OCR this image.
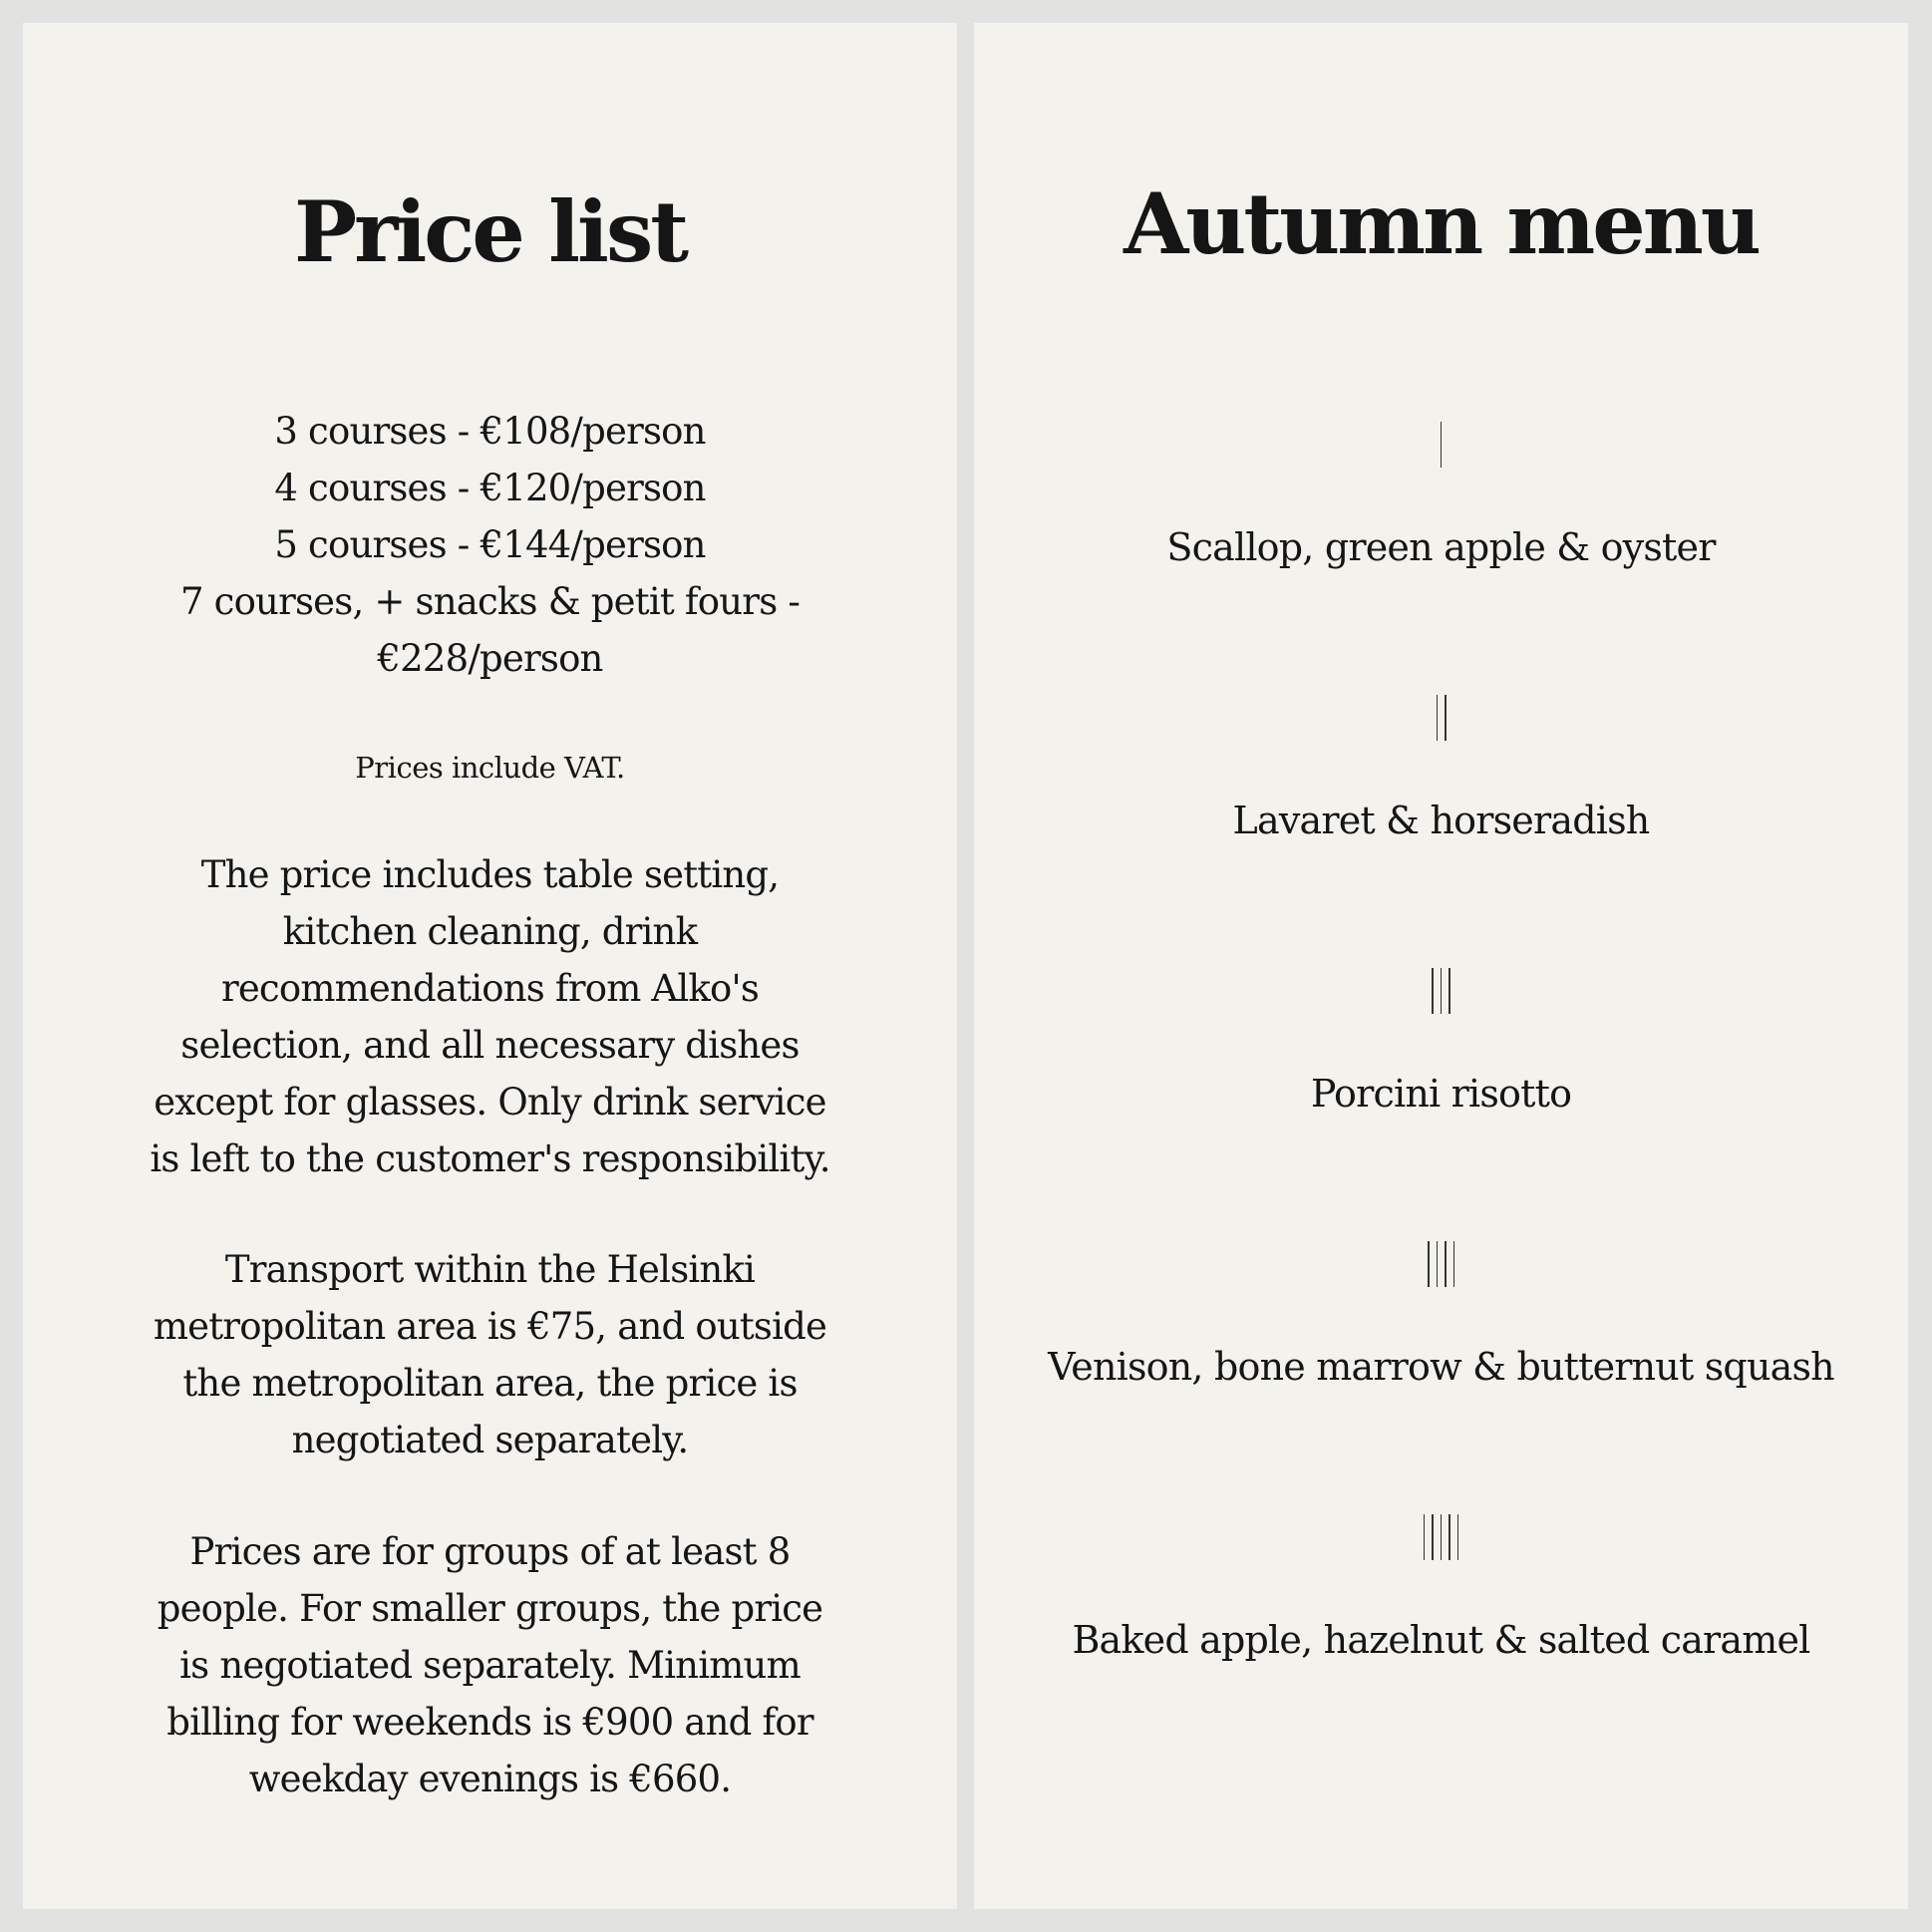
Price list
3 courses - €108/person
4 courses - €120/person
5 courses - €144/person
7 courses, + snacks & petit fours -
€228/person
Prices include VAT.
The price includes table setting,
kitchen cleaning, drink
recommendations from Alko's
selection, and all necessary dishes
except for glasses. Only drink service
is left to the customer's responsibility.
Transport within the Helsinki
metropolitan area is €75, and outside
the metropolitan area, the price is
negotiated separately.
Prices are for groups of at least 8
people. For smaller groups, the price
is negotiated separately. Minimum
billing for weekends is €900 and for
weekday evenings is €660.
Autumn menu
Scallop, green apple & oyster
Lavaret & horseradish
Porcini risotto
Venison, bone marrow & butternut squash
Baked apple, hazelnut & salted caramel
